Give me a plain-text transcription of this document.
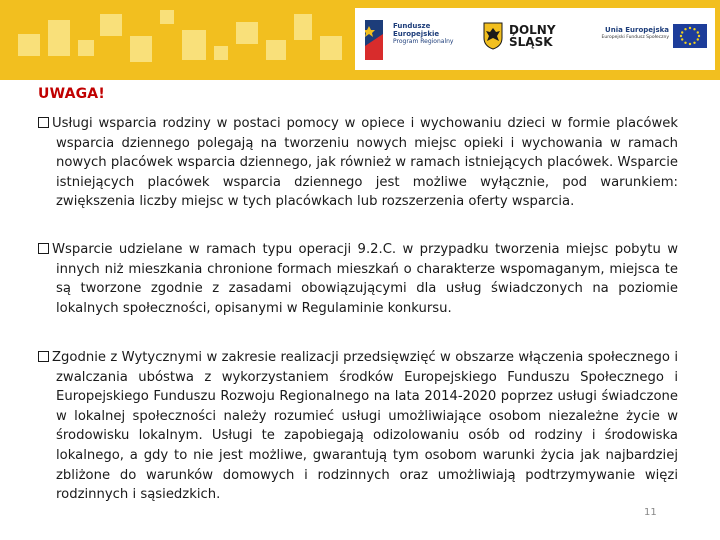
Fundusze
Europejskie
Program Regionalny
DOLNY
ŚLĄSK
Unia Europejska
Europejski Fundusz Społeczny
UWAGA!
Usługi wsparcia rodziny w postaci pomocy w opiece i wychowaniu dzieci w formie placówek wsparcia dziennego polegają na tworzeniu nowych miejsc opieki i wychowania w ramach nowych placówek wsparcia dziennego, jak również w ramach istniejących placówek. Wsparcie istniejących placówek wsparcia dziennego jest możliwe wyłącznie, pod warunkiem: zwiększenia liczby miejsc w tych placówkach lub rozszerzenia oferty wsparcia.
Wsparcie udzielane w ramach typu operacji 9.2.C. w przypadku tworzenia miejsc pobytu w innych niż mieszkania chronione formach mieszkań o charakterze wspomaganym, miejsca te są tworzone zgodnie z zasadami obowiązującymi dla usług świadczonych na poziomie lokalnych społeczności, opisanymi w Regulaminie konkursu.
Zgodnie z Wytycznymi w zakresie realizacji przedsięwzięć w obszarze włączenia społecznego i zwalczania ubóstwa z wykorzystaniem środków Europejskiego Funduszu Społecznego i Europejskiego Funduszu Rozwoju Regionalnego na lata 2014-2020 poprzez usługi świadczone w lokalnej społeczności należy rozumieć usługi umożliwiające osobom niezależne życie w środowisku lokalnym. Usługi te zapobiegają odizolowaniu osób od rodziny i środowiska lokalnego, a gdy to nie jest możliwe, gwarantują tym osobom warunki życia jak najbardziej zbliżone do warunków domowych i rodzinnych oraz umożliwiają podtrzymywanie więzi rodzinnych i sąsiedzkich.
11
